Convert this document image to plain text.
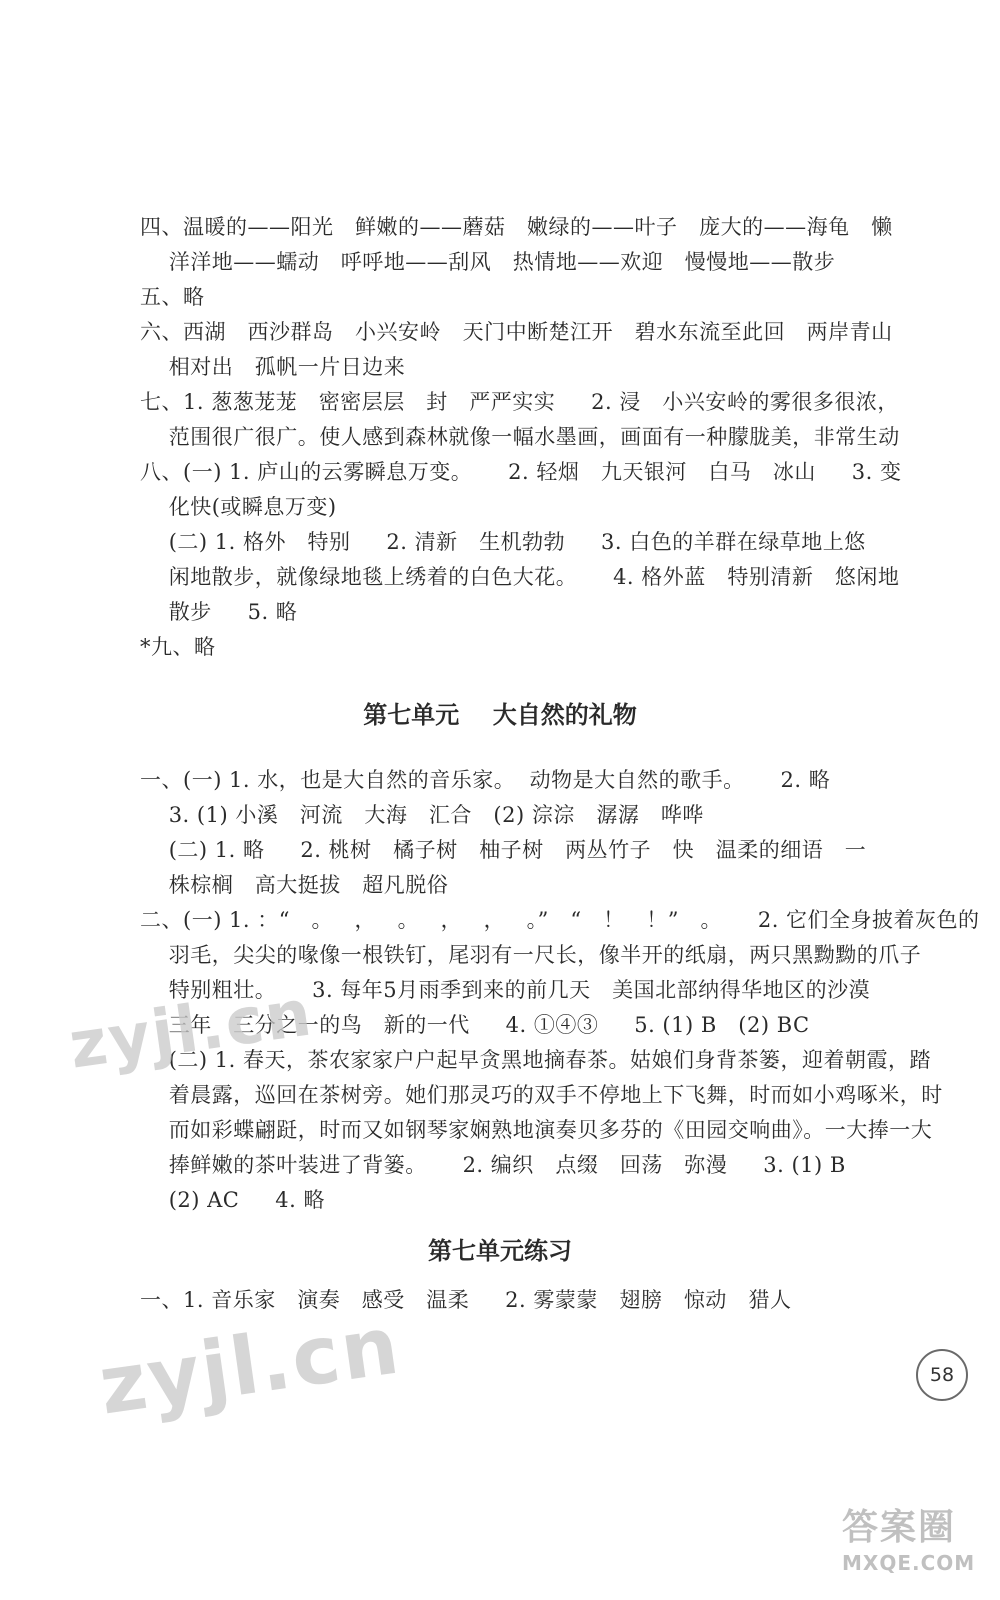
四、温暖的——阳光   鲜嫩的——蘑菇   嫩绿的——叶子   庞大的——海龟   懒
洋洋地——蠕动   呼呼地——刮风   热情地——欢迎   慢慢地——散步
五、略
六、西湖   西沙群岛   小兴安岭   天门中断楚江开   碧水东流至此回   两岸青山
相对出   孤帆一片日边来
七、1. 葱葱茏茏   密密层层   封   严严实实     2. 浸   小兴安岭的雾很多很浓，
范围很广很广。使人感到森林就像一幅水墨画，画面有一种朦胧美，非常生动
八、(一) 1. 庐山的云雾瞬息万变。     2. 轻烟   九天银河   白马   冰山     3. 变
化快(或瞬息万变)
(二) 1. 格外   特别     2. 清新   生机勃勃     3. 白色的羊群在绿草地上悠
闲地散步，就像绿地毯上绣着的白色大花。     4. 格外蓝   特别清新   悠闲地
散步     5. 略
*九、略
第七单元    大自然的礼物
一、(一) 1. 水，也是大自然的音乐家。  动物是大自然的歌手。     2. 略
3. (1) 小溪   河流   大海   汇合   (2) 淙淙   潺潺   哗哗
(二) 1. 略     2. 桃树   橘子树   柚子树   两丛竹子   快   温柔的细语   一
株棕榈   高大挺拔   超凡脱俗
二、(一) 1. ：“   。   ，   。   ，   ，   。”   “   ！   ！”   。     2. 它们全身披着灰色的
羽毛，尖尖的喙像一根铁钉，尾羽有一尺长，像半开的纸扇，两只黑黝黝的爪子
特别粗壮。     3. 每年5月雨季到来的前几天   美国北部纳得华地区的沙漠
三年   三分之一的鸟   新的一代     4. ①④③     5. (1) B   (2) BC
(二) 1. 春天，茶农家家户户起早贪黑地摘春茶。姑娘们身背茶篓，迎着朝霞，踏
着晨露，巡回在茶树旁。她们那灵巧的双手不停地上下飞舞，时而如小鸡啄米，时
而如彩蝶翩跹，时而又如钢琴家娴熟地演奏贝多芬的《田园交响曲》。一大捧一大
捧鲜嫩的茶叶装进了背篓。     2. 编织   点缀   回荡   弥漫     3. (1) B
(2) AC     4. 略
第七单元练习
一、1. 音乐家   演奏   感受   温柔     2. 雾蒙蒙   翅膀   惊动   猎人
zyjl.cn
zyjl.cn	58
答案圈
MXQE.COM
